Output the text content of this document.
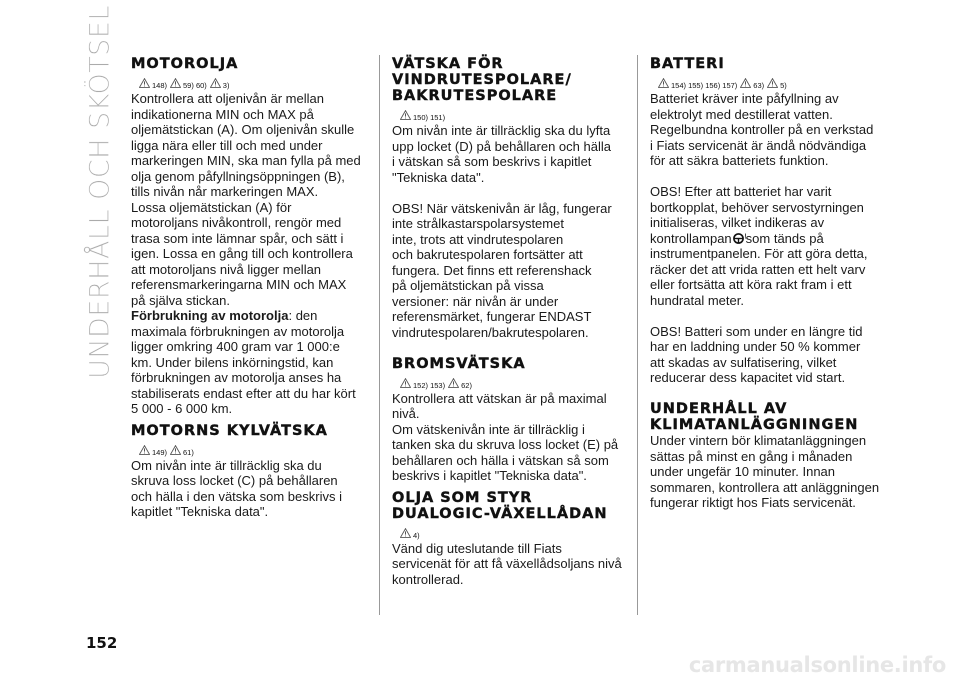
UNDERHÅLL OCH SKÖTSEL
152
MOTOROLJA
148) 59) 60) 3)

Kontrollera att oljenivån är mellan

indikationerna MIN och MAX på

oljemätstickan (A). Om oljenivån skulle

ligga nära eller till och med under

markeringen MIN, ska man fylla på med

olja genom påfyllningsöppningen (B),

tills nivån når markeringen MAX.

Lossa oljemätstickan (A) för

motoroljans nivåkontroll, rengör med

trasa som inte lämnar spår, och sätt i

igen. Lossa en gång till och kontrollera

att motoroljans nivå ligger mellan

referensmarkeringarna MIN och MAX

på själva stickan.

Förbrukning av motorolja: den

maximala förbrukningen av motorolja

ligger omkring 400 gram var 1 000:e

km. Under bilens inkörningstid, kan

förbrukningen av motorolja anses ha

stabiliserats endast efter att du har kört

5 000 - 6 000 km.

MOTORNS KYLVÄTSKA
149) 61)

Om nivån inte är tillräcklig ska du

skruva loss locket (C) på behållaren

och hälla i den vätska som beskrivs i

kapitlet "Tekniska data".

VÄTSKA FÖR
VINDRUTESPOLARE/
BAKRUTESPOLARE
150) 151)

Om nivån inte är tillräcklig ska du lyfta

upp locket (D) på behållaren och hälla

i vätskan så som beskrivs i kapitlet

"Tekniska data".

OBS! När vätskenivån är låg, fungerar

inte strålkastarspolarsystemet

inte, trots att vindrutespolaren

och bakrutespolaren fortsätter att

fungera. Det finns ett referenshack

på oljemätstickan på vissa

versioner: när nivån är under

referensmärket, fungerar ENDAST

vindrutespolaren/bakrutespolaren.

BROMSVÄTSKA
152) 153) 62)

Kontrollera att vätskan är på maximal

nivå.

Om vätskenivån inte är tillräcklig i

tanken ska du skruva loss locket (E) på

behållaren och hälla i vätskan så som

beskrivs i kapitlet "Tekniska data".

OLJA SOM STYR
DUALOGIC-VÄXELLÅDAN
4)

Vänd dig uteslutande till Fiats

servicenät för att få växellådsoljans nivå

kontrollerad.

BATTERI
154) 155) 156) 157) 63) 5)

Batteriet kräver inte påfyllning av

elektrolyt med destillerat vatten.

Regelbundna kontroller på en verkstad

i Fiats servicenät är ändå nödvändiga

för att säkra batteriets funktion.

OBS! Efter att batteriet har varit

bortkopplat, behöver servostyrningen

initialiseras, vilket indikeras av

kontrollampan som tänds på

instrumentpanelen. För att göra detta,

räcker det att vrida ratten ett helt varv

eller fortsätta att köra rakt fram i ett

hundratal meter.

OBS! Batteri som under en längre tid

har en laddning under 50 % kommer

att skadas av sulfatisering, vilket

reducerar dess kapacitet vid start.

UNDERHÅLL AV
KLIMATANLÄGGNINGEN

Under vintern bör klimatanläggningen

sättas på minst en gång i månaden

under ungefär 10 minuter. Innan

sommaren, kontrollera att anläggningen

fungerar riktigt hos Fiats servicenät.

carmanualsonline.info
